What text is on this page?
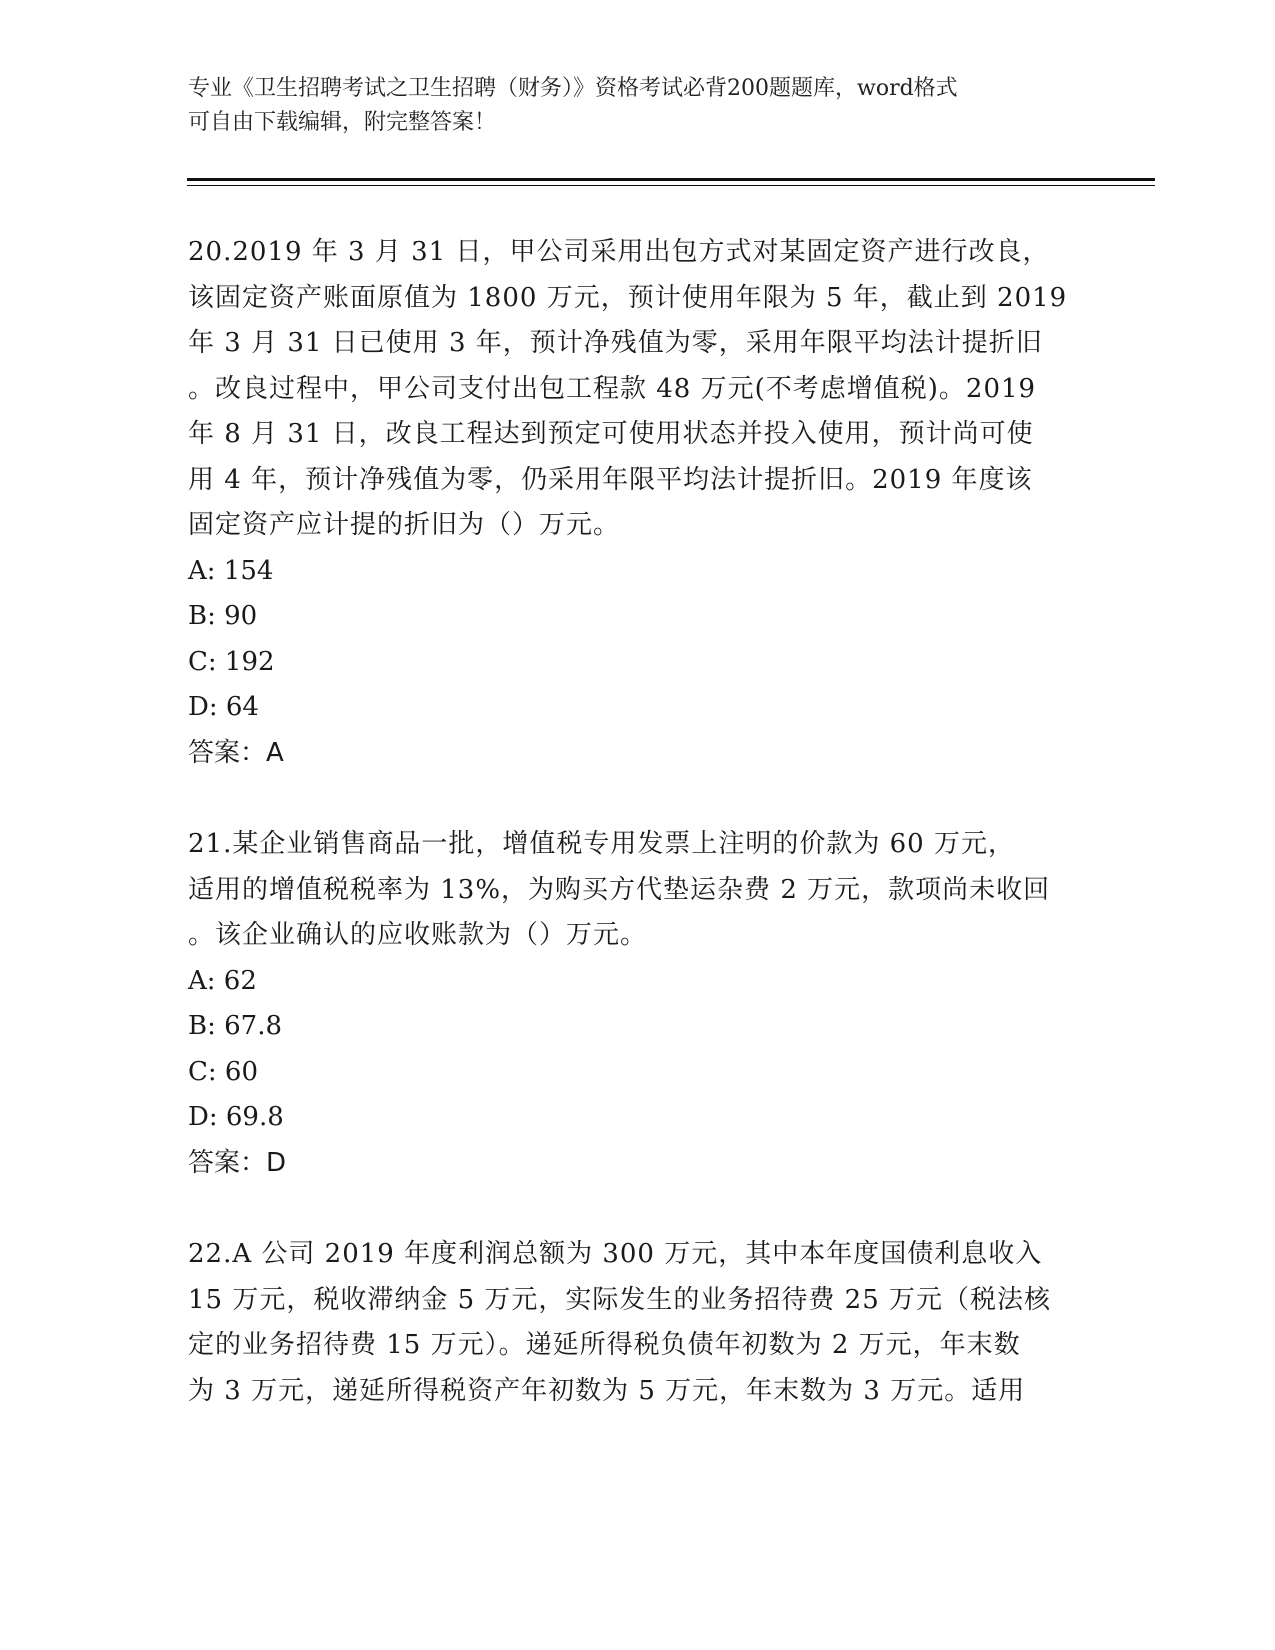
专业《卫生招聘考试之卫生招聘（财务）》资格考试必背200题题库，word格式
可自由下载编辑，附完整答案！

20.2019 年 3 月 31 日，甲公司采用出包方式对某固定资产进行改良，

该固定资产账面原值为 1800 万元，预计使用年限为 5 年，截止到 2019

年 3 月 31 日已使用 3 年，预计净残值为零，采用年限平均法计提折旧

。改良过程中，甲公司支付出包工程款 48 万元(不考虑增值税)。2019

年 8 月 31 日，改良工程达到预定可使用状态并投入使用，预计尚可使

用 4 年，预计净残值为零，仍采用年限平均法计提折旧。2019 年度该

固定资产应计提的折旧为（）万元。

A: 154

B: 90

C: 192

D: 64

答案：A

21.某企业销售商品一批，增值税专用发票上注明的价款为 60 万元，

适用的增值税税率为 13%，为购买方代垫运杂费 2 万元，款项尚未收回

。该企业确认的应收账款为（）万元。

A: 62

B: 67.8

C: 60

D: 69.8

答案：D

22.A 公司 2019 年度利润总额为 300 万元，其中本年度国债利息收入

15 万元，税收滞纳金 5 万元，实际发生的业务招待费 25 万元（税法核

定的业务招待费 15 万元）。递延所得税负债年初数为 2 万元，年末数

为 3 万元，递延所得税资产年初数为 5 万元，年末数为 3 万元。适用
